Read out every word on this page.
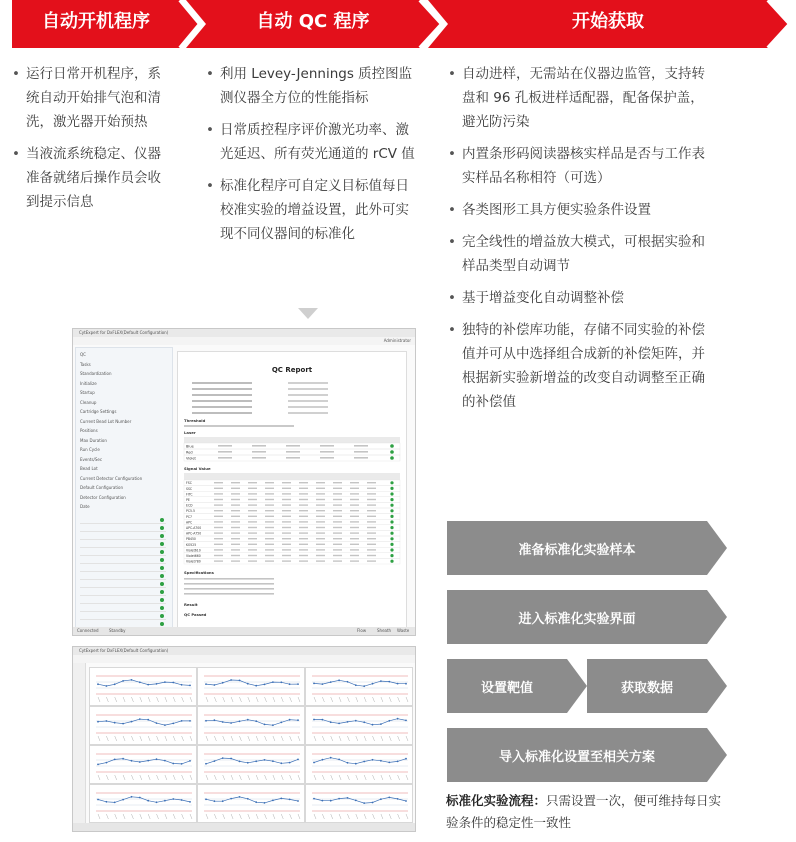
自动开机程序	自动 QC 程序	开始获取
• 运行日常开机程序，系统自动开始排气泡和清洗，激光器开始预热
• 当液流系统稳定、仪器准备就绪后操作员会收到提示信息
• 利用 Levey-Jennings 质控图监测仪器全方位的性能指标
• 日常质控程序评价激光功率、激光延迟、所有荧光通道的 rCV 值
• 标准化程序可自定义目标值每日校准实验的增益设置，此外可实现不同仪器间的标准化
• 自动进样，无需站在仪器边监管，支持转盘和 96 孔板进样适配器，配备保护盖，避光防污染
• 内置条形码阅读器核实样品是否与工作表实样品名称相符（可选）
• 各类图形工具方便实验条件设置
• 完全线性的增益放大模式，可根据实验和样品类型自动调节
• 基于增益变化自动调整补偿
• 独特的补偿库功能，存储不同实验的补偿值并可从中选择组合成新的补偿矩阵，并根据新实验新增益的改变自动调整至正确的补偿值
CytExpert for DxFLEX(Default Configuration)
Administrator
QC
Tasks
Standardization
Initialize
Startup
Cleanup
Cartridge Settings
Current Bead Lot Number
Positions
Max Duration
Run Cycle
Events/Sec
Bead Lot
Current Detector Configuration
Default Configuration
Detector Configuration
Date
QC Report
Threshold
Laser
Blue
Red
Violet
Signal Value
FSC
SSC
FITC
PE
ECD
PC5.5
PC7
APC
APC-A700
APC-A750
PB450
KO525
Violet610
Violet660
Violet780
Specifications
Result
QC Passed
Connected	Standby	Flow	Sheath Waste
CytExpert for DxFLEX(Default Configuration)
准备标准化实验样本
进入标准化实验界面
设置靶值	获取数据
导入标准化设置至相关方案
标准化实验流程：只需设置一次，便可维持每日实验条件的稳定性一致性
